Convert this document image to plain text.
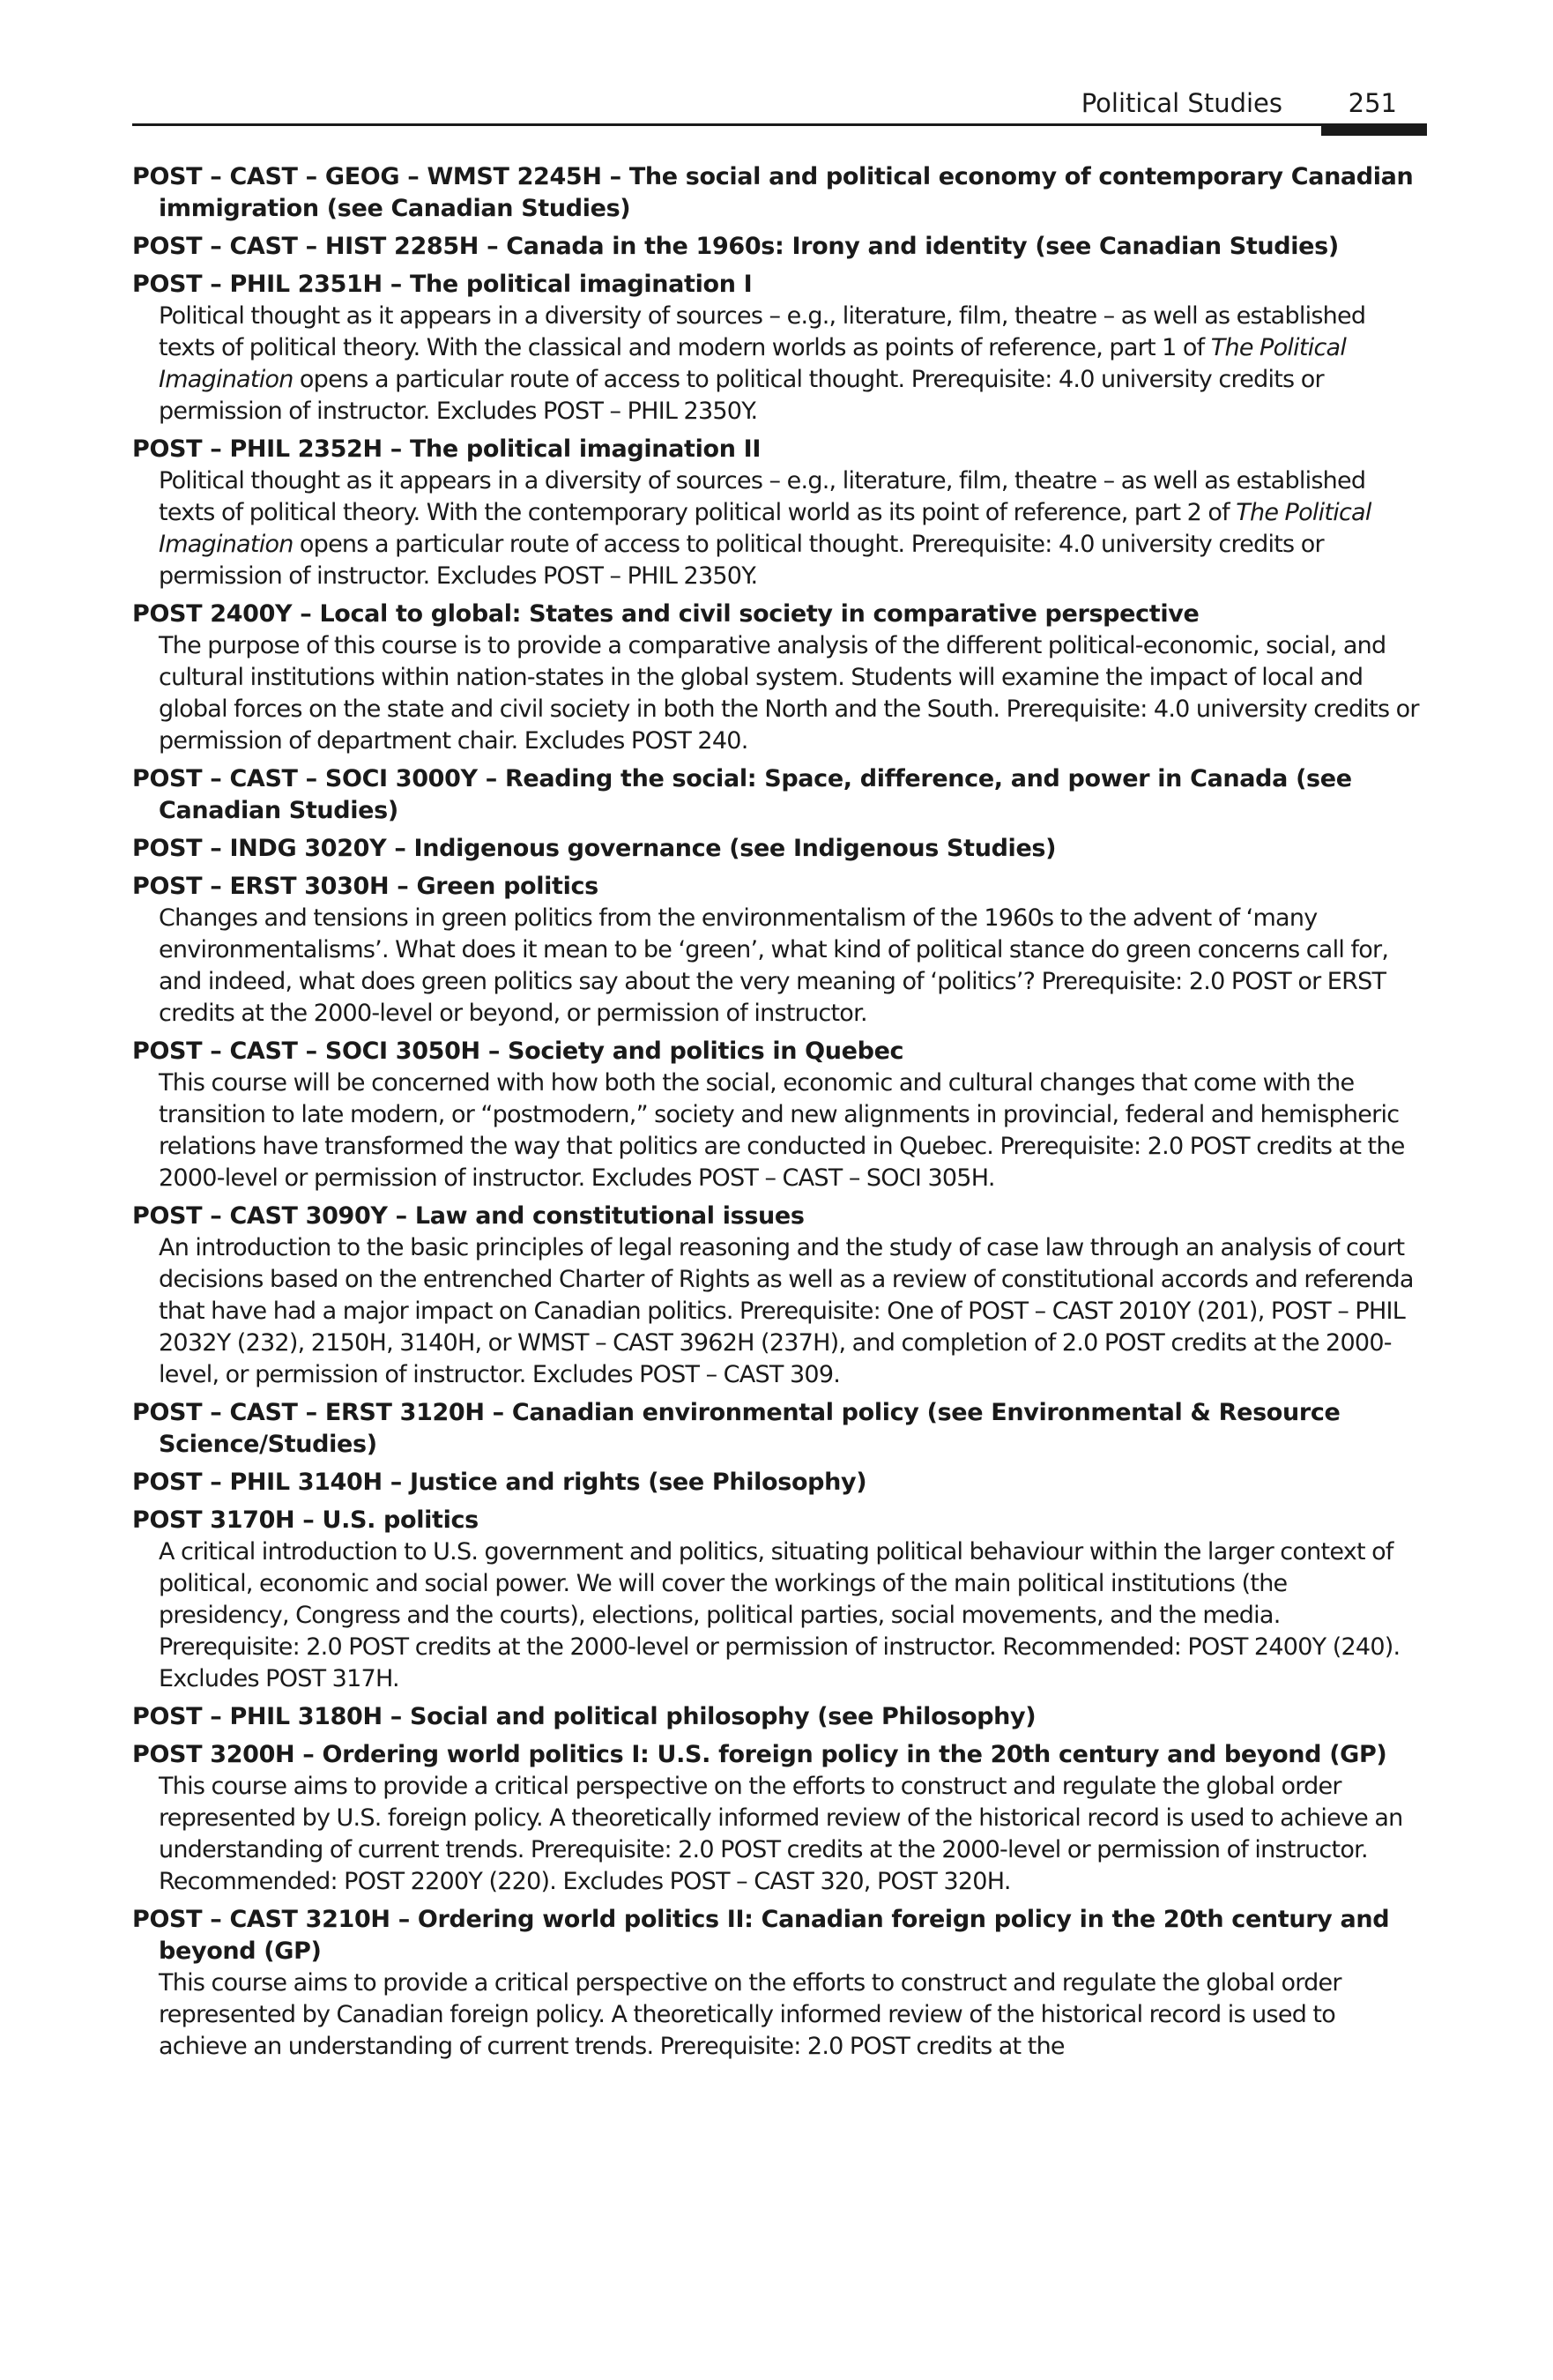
Political Studies	251
POST – CAST – GEOG – WMST 2245H – The social and political economy of contemporary Canadian immigration (see Canadian Studies)
POST – CAST – HIST 2285H – Canada in the 1960s: Irony and identity (see Canadian Studies)
POST – PHIL 2351H – The political imagination I
Political thought as it appears in a diversity of sources – e.g., literature, film, theatre – as well as established texts of political theory. With the classical and modern worlds as points of reference, part 1 of The Political Imagination opens a particular route of access to political thought. Prerequisite: 4.0 university credits or permission of instructor. Excludes POST – PHIL 2350Y.
POST – PHIL 2352H – The political imagination II
Political thought as it appears in a diversity of sources – e.g., literature, film, theatre – as well as established texts of political theory. With the contemporary political world as its point of reference, part 2 of The Political Imagination opens a particular route of access to political thought. Prerequisite: 4.0 university credits or permission of instructor. Excludes POST – PHIL 2350Y.
POST 2400Y – Local to global: States and civil society in comparative perspective
The purpose of this course is to provide a comparative analysis of the different political-economic, social, and cultural institutions within nation-states in the global system. Students will examine the impact of local and global forces on the state and civil society in both the North and the South. Prerequisite: 4.0 university credits or permission of department chair. Excludes POST 240.
POST – CAST – SOCI 3000Y – Reading the social: Space, difference, and power in Canada (see Canadian Studies)
POST – INDG 3020Y – Indigenous governance (see Indigenous Studies)
POST – ERST 3030H – Green politics
Changes and tensions in green politics from the environmentalism of the 1960s to the advent of ‘many environmentalisms’. What does it mean to be ‘green’, what kind of political stance do green concerns call for, and indeed, what does green politics say about the very meaning of ‘politics’? Prerequisite: 2.0 POST or ERST credits at the 2000-level or beyond, or permission of instructor.
POST – CAST – SOCI 3050H – Society and politics in Quebec
This course will be concerned with how both the social, economic and cultural changes that come with the transition to late modern, or “postmodern,” society and new alignments in provincial, federal and hemispheric relations have transformed the way that politics are conducted in Quebec. Prerequisite: 2.0 POST credits at the 2000-level or permission of instructor. Excludes POST – CAST – SOCI 305H.
POST – CAST 3090Y – Law and constitutional issues
An introduction to the basic principles of legal reasoning and the study of case law through an analysis of court decisions based on the entrenched Charter of Rights as well as a review of constitutional accords and referenda that have had a major impact on Canadian politics. Prerequisite: One of POST – CAST 2010Y (201), POST – PHIL 2032Y (232), 2150H, 3140H, or WMST – CAST 3962H (237H), and completion of 2.0 POST credits at the 2000-level, or permission of instructor. Excludes POST – CAST 309.
POST – CAST – ERST 3120H – Canadian environmental policy (see Environmental & Resource Science/Studies)
POST – PHIL 3140H – Justice and rights (see Philosophy)
POST 3170H – U.S. politics
A critical introduction to U.S. government and politics, situating political behaviour within the larger context of political, economic and social power. We will cover the workings of the main political institutions (the presidency, Congress and the courts), elections, political parties, social movements, and the media. Prerequisite: 2.0 POST credits at the 2000-level or permission of instructor. Recommended: POST 2400Y (240). Excludes POST 317H.
POST – PHIL 3180H – Social and political philosophy (see Philosophy)
POST 3200H – Ordering world politics I: U.S. foreign policy in the 20th century and beyond (GP)
This course aims to provide a critical perspective on the efforts to construct and regulate the global order represented by U.S. foreign policy. A theoretically informed review of the historical record is used to achieve an understanding of current trends. Prerequisite: 2.0 POST credits at the 2000-level or permission of instructor. Recommended: POST 2200Y (220). Excludes POST – CAST 320, POST 320H.
POST – CAST 3210H – Ordering world politics II: Canadian foreign policy in the 20th century and beyond (GP)
This course aims to provide a critical perspective on the efforts to construct and regulate the global order represented by Canadian foreign policy. A theoretically informed review of the historical record is used to achieve an understanding of current trends. Prerequisite: 2.0 POST credits at the
